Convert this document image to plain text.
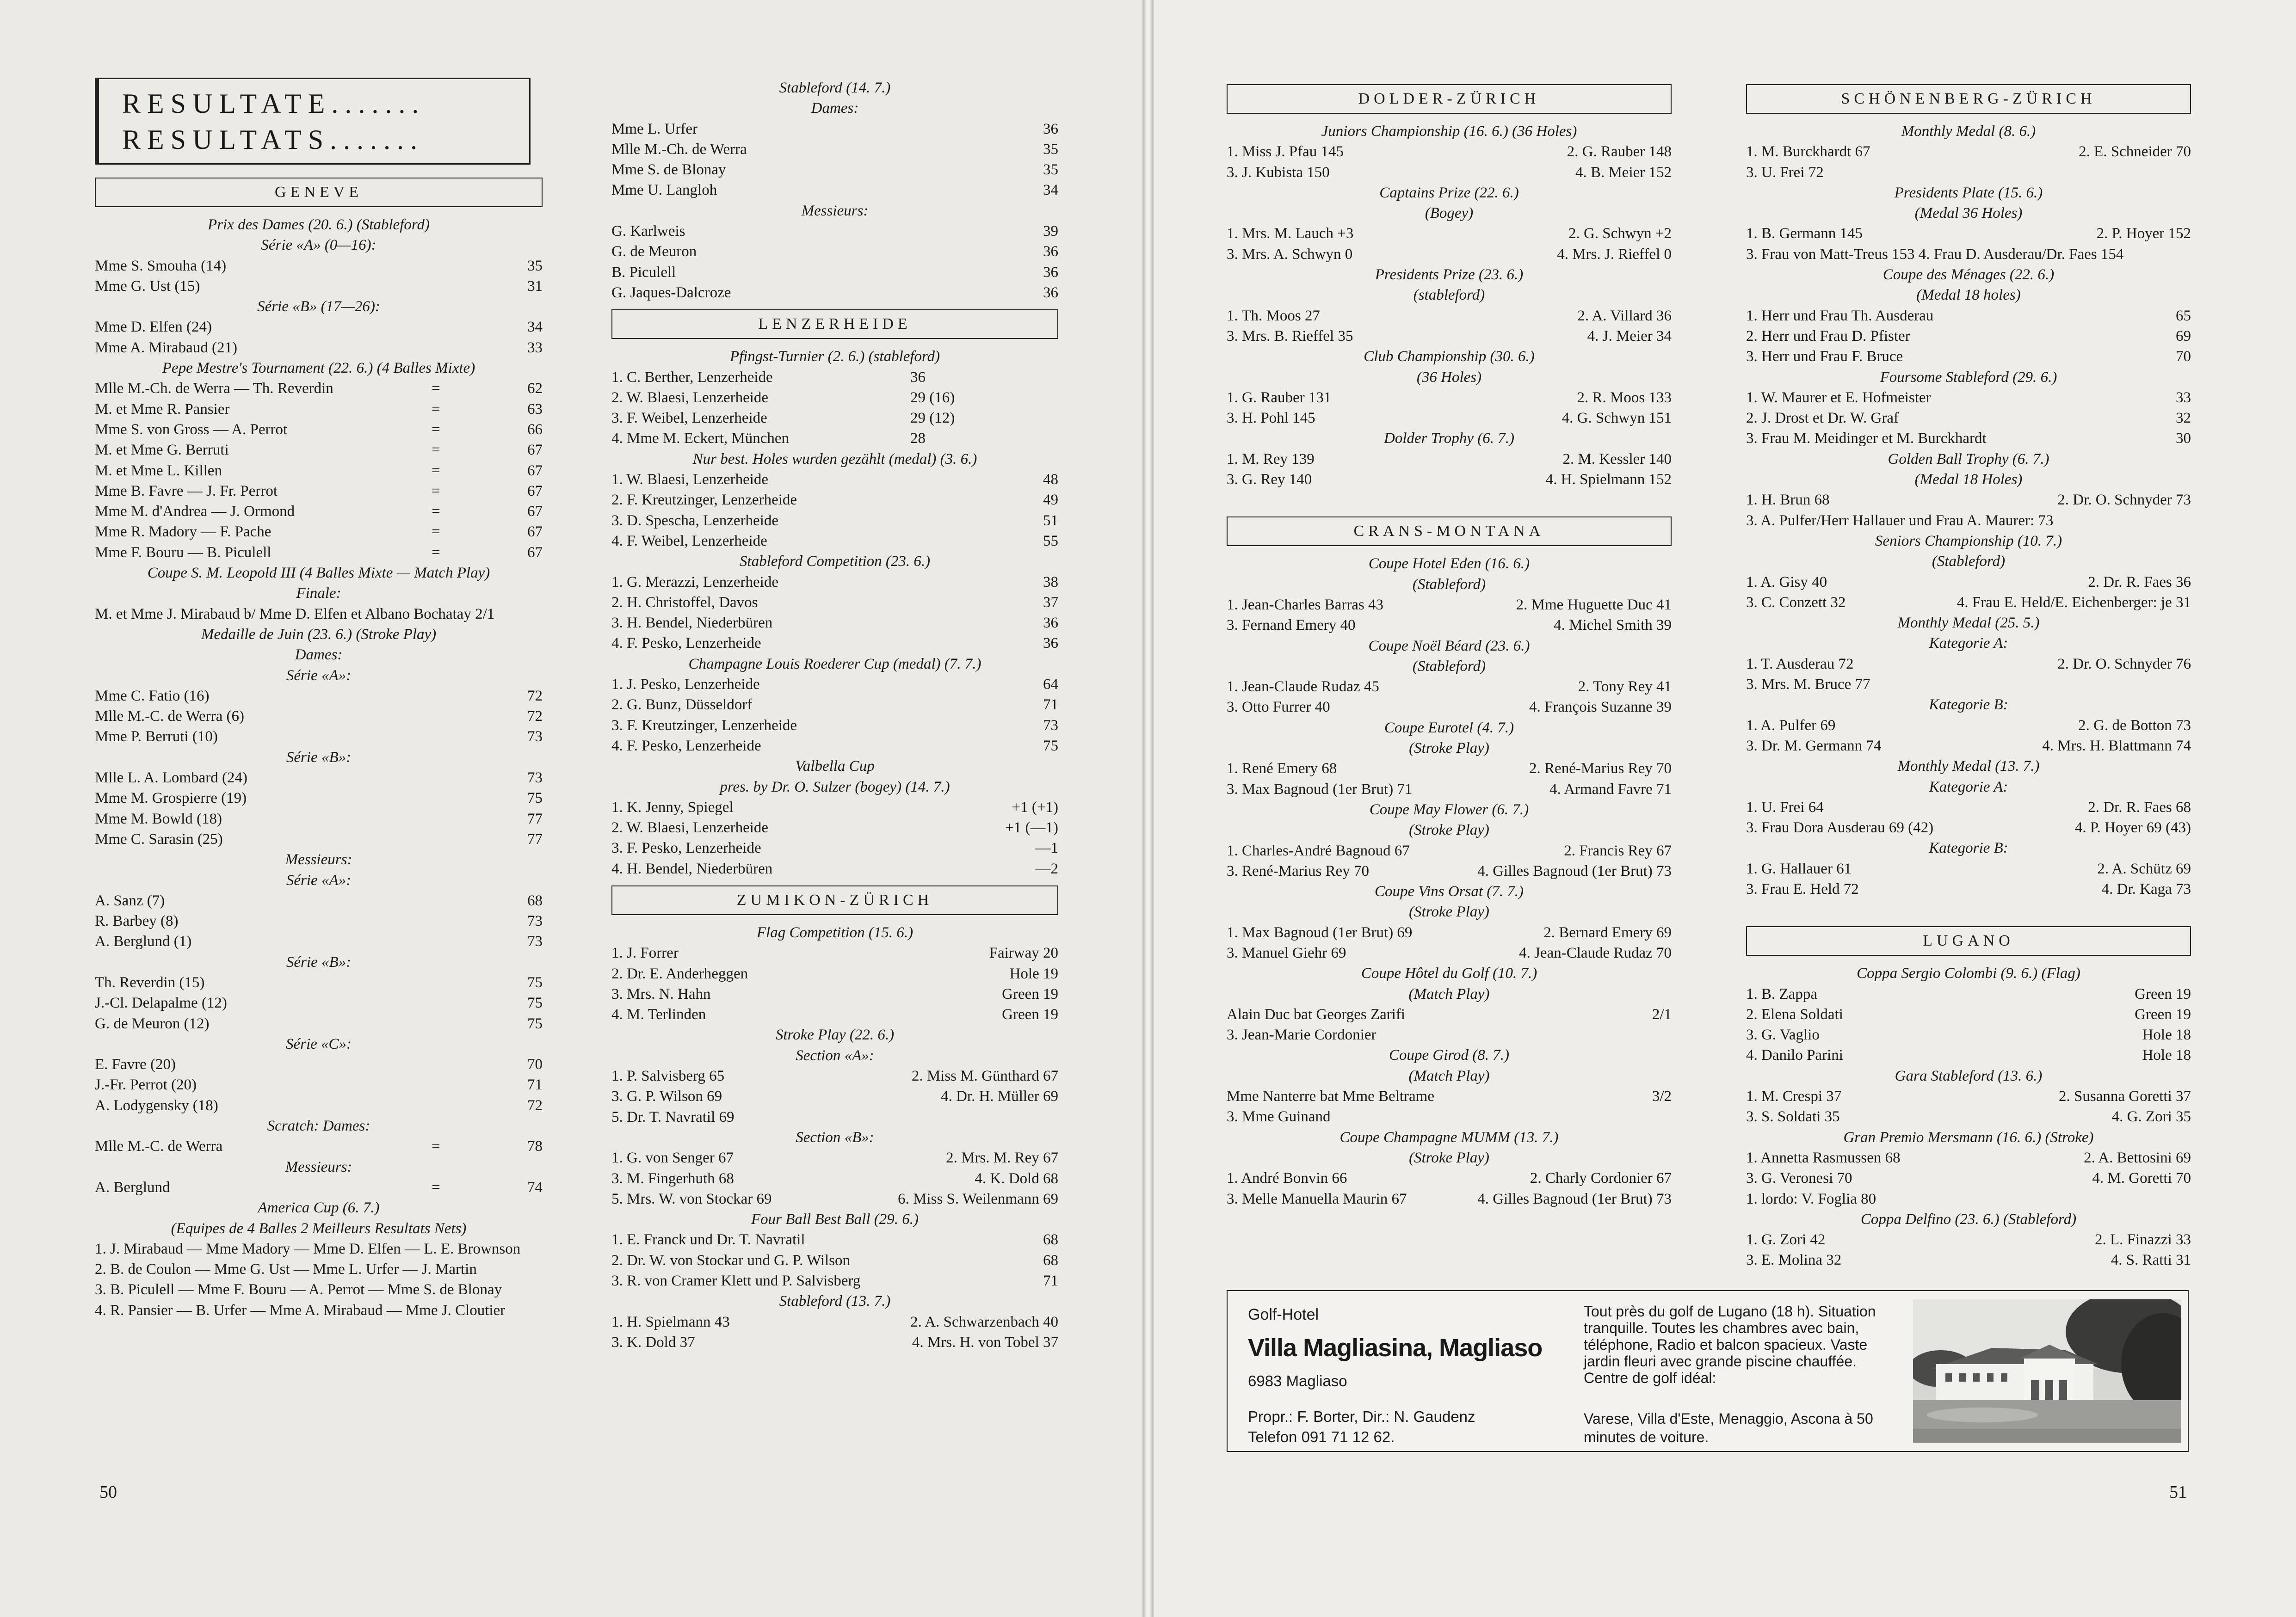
RESULTATE.......
RESULTATS.......
GENEVE
Prix des Dames (20. 6.) (Stableford)
Série «A» (0—16):
Mme S. Smouha (14)	35
Mme G. Ust (15)	31
Série «B» (17—26):
Mme D. Elfen (24)	34
Mme A. Mirabaud (21)	33
Pepe Mestre's Tournament (22. 6.) (4 Balles Mixte)
Mlle M.-Ch. de Werra — Th. Reverdin	=	62
M. et Mme R. Pansier	=	63
Mme S. von Gross — A. Perrot	=	66
M. et Mme G. Berruti	=	67
M. et Mme L. Killen	=	67
Mme B. Favre — J. Fr. Perrot	=	67
Mme M. d'Andrea — J. Ormond	=	67
Mme R. Madory — F. Pache	=	67
Mme F. Bouru — B. Piculell	=	67
Coupe S. M. Leopold III (4 Balles Mixte — Match Play)
Finale:
M. et Mme J. Mirabaud b/ Mme D. Elfen et Albano Bochatay 2/1
Medaille de Juin (23. 6.) (Stroke Play)
Dames:
Série «A»:
Mme C. Fatio (16)	72
Mlle M.-C. de Werra (6)	72
Mme P. Berruti (10)	73
Série «B»:
Mlle L. A. Lombard (24)	73
Mme M. Grospierre (19)	75
Mme M. Bowld (18)	77
Mme C. Sarasin (25)	77
Messieurs:
Série «A»:
A. Sanz (7)	68
R. Barbey (8)	73
A. Berglund (1)	73
Série «B»:
Th. Reverdin (15)	75
J.-Cl. Delapalme (12)	75
G. de Meuron (12)	75
Série «C»:
E. Favre (20)	70
J.-Fr. Perrot (20)	71
A. Lodygensky (18)	72
Scratch: Dames:
Mlle M.-C. de Werra	=	78
Messieurs:
A. Berglund	=	74
America Cup (6. 7.)
(Equipes de 4 Balles 2 Meilleurs Resultats Nets)
1. J. Mirabaud — Mme Madory — Mme D. Elfen — L. E. Brownson
2. B. de Coulon — Mme G. Ust — Mme L. Urfer — J. Martin
3. B. Piculell — Mme F. Bouru — A. Perrot — Mme S. de Blonay
4. R. Pansier — B. Urfer — Mme A. Mirabaud — Mme J. Cloutier
Stableford (14. 7.)
Dames:
Mme L. Urfer	36
Mlle M.-Ch. de Werra	35
Mme S. de Blonay	35
Mme U. Langloh	34
Messieurs:
G. Karlweis	39
G. de Meuron	36
B. Piculell	36
G. Jaques-Dalcroze	36
LENZERHEIDE
Pfingst-Turnier (2. 6.) (stableford)
1. C. Berther, Lenzerheide	36
2. W. Blaesi, Lenzerheide	29 (16)
3. F. Weibel, Lenzerheide	29 (12)
4. Mme M. Eckert, München	28
Nur best. Holes wurden gezählt (medal) (3. 6.)
1. W. Blaesi, Lenzerheide	48
2. F. Kreutzinger, Lenzerheide	49
3. D. Spescha, Lenzerheide	51
4. F. Weibel, Lenzerheide	55
Stableford Competition (23. 6.)
1. G. Merazzi, Lenzerheide	38
2. H. Christoffel, Davos	37
3. H. Bendel, Niederbüren	36
4. F. Pesko, Lenzerheide	36
Champagne Louis Roederer Cup (medal) (7. 7.)
1. J. Pesko, Lenzerheide	64
2. G. Bunz, Düsseldorf	71
3. F. Kreutzinger, Lenzerheide	73
4. F. Pesko, Lenzerheide	75
Valbella Cup
pres. by Dr. O. Sulzer (bogey) (14. 7.)
1. K. Jenny, Spiegel	+1 (+1)
2. W. Blaesi, Lenzerheide	+1 (—1)
3. F. Pesko, Lenzerheide	—1
4. H. Bendel, Niederbüren	—2
ZUMIKON-ZÜRICH
Flag Competition (15. 6.)
1. J. Forrer	Fairway 20
2. Dr. E. Anderheggen	Hole 19
3. Mrs. N. Hahn	Green 19
4. M. Terlinden	Green 19
Stroke Play (22. 6.)
Section «A»:
1. P. Salvisberg 65	2. Miss M. Günthard 67
3. G. P. Wilson 69	4. Dr. H. Müller 69
5. Dr. T. Navratil 69
Section «B»:
1. G. von Senger 67	2. Mrs. M. Rey 67
3. M. Fingerhuth 68	4. K. Dold 68
5. Mrs. W. von Stockar 69	6. Miss S. Weilenmann 69
Four Ball Best Ball (29. 6.)
1. E. Franck und Dr. T. Navratil	68
2. Dr. W. von Stockar und G. P. Wilson	68
3. R. von Cramer Klett und P. Salvisberg	71
Stableford (13. 7.)
1. H. Spielmann 43	2. A. Schwarzenbach 40
3. K. Dold 37	4. Mrs. H. von Tobel 37
50
DOLDER-ZÜRICH
Juniors Championship (16. 6.) (36 Holes)
1. Miss J. Pfau 145	2. G. Rauber 148
3. J. Kubista 150	4. B. Meier 152
Captains Prize (22. 6.)
(Bogey)
1. Mrs. M. Lauch +3	2. G. Schwyn +2
3. Mrs. A. Schwyn 0	4. Mrs. J. Rieffel 0
Presidents Prize (23. 6.)
(stableford)
1. Th. Moos 27	2. A. Villard 36
3. Mrs. B. Rieffel 35	4. J. Meier 34
Club Championship (30. 6.)
(36 Holes)
1. G. Rauber 131	2. R. Moos 133
3. H. Pohl 145	4. G. Schwyn 151
Dolder Trophy (6. 7.)
1. M. Rey 139	2. M. Kessler 140
3. G. Rey 140	4. H. Spielmann 152
CRANS-MONTANA
Coupe Hotel Eden (16. 6.)
(Stableford)
1. Jean-Charles Barras 43	2. Mme Huguette Duc 41
3. Fernand Emery 40	4. Michel Smith 39
Coupe Noël Béard (23. 6.)
(Stableford)
1. Jean-Claude Rudaz 45	2. Tony Rey 41
3. Otto Furrer 40	4. François Suzanne 39
Coupe Eurotel (4. 7.)
(Stroke Play)
1. René Emery 68	2. René-Marius Rey 70
3. Max Bagnoud (1er Brut) 71	4. Armand Favre 71
Coupe May Flower (6. 7.)
(Stroke Play)
1. Charles-André Bagnoud 67	2. Francis Rey 67
3. René-Marius Rey 70	4. Gilles Bagnoud (1er Brut) 73
Coupe Vins Orsat (7. 7.)
(Stroke Play)
1. Max Bagnoud (1er Brut) 69	2. Bernard Emery 69
3. Manuel Giehr 69	4. Jean-Claude Rudaz 70
Coupe Hôtel du Golf (10. 7.)
(Match Play)
Alain Duc bat Georges Zarifi	2/1
3. Jean-Marie Cordonier
Coupe Girod (8. 7.)
(Match Play)
Mme Nanterre bat Mme Beltrame	3/2
3. Mme Guinand
Coupe Champagne MUMM (13. 7.)
(Stroke Play)
1. André Bonvin 66	2. Charly Cordonier 67
3. Melle Manuella Maurin 67	4. Gilles Bagnoud (1er Brut) 73
SCHÖNENBERG-ZÜRICH
Monthly Medal (8. 6.)
1. M. Burckhardt 67	2. E. Schneider 70
3. U. Frei 72
Presidents Plate (15. 6.)
(Medal 36 Holes)
1. B. Germann 145	2. P. Hoyer 152
3. Frau von Matt-Treus 153 4. Frau D. Ausderau/Dr. Faes 154
Coupe des Ménages (22. 6.)
(Medal 18 holes)
1. Herr und Frau Th. Ausderau	65
2. Herr und Frau D. Pfister	69
3. Herr und Frau F. Bruce	70
Foursome Stableford (29. 6.)
1. W. Maurer et E. Hofmeister	33
2. J. Drost et Dr. W. Graf	32
3. Frau M. Meidinger et M. Burckhardt	30
Golden Ball Trophy (6. 7.)
(Medal 18 Holes)
1. H. Brun 68	2. Dr. O. Schnyder 73
3. A. Pulfer/Herr Hallauer und Frau A. Maurer: 73
Seniors Championship (10. 7.)
(Stableford)
1. A. Gisy 40	2. Dr. R. Faes 36
3. C. Conzett 32	4. Frau E. Held/E. Eichenberger: je 31
Monthly Medal (25. 5.)
Kategorie A:
1. T. Ausderau 72	2. Dr. O. Schnyder 76
3. Mrs. M. Bruce 77
Kategorie B:
1. A. Pulfer 69	2. G. de Botton 73
3. Dr. M. Germann 74	4. Mrs. H. Blattmann 74
Monthly Medal (13. 7.)
Kategorie A:
1. U. Frei 64	2. Dr. R. Faes 68
3. Frau Dora Ausderau 69 (42)	4. P. Hoyer 69 (43)
Kategorie B:
1. G. Hallauer 61	2. A. Schütz 69
3. Frau E. Held 72	4. Dr. Kaga 73
LUGANO
Coppa Sergio Colombi (9. 6.) (Flag)
1. B. Zappa	Green 19
2. Elena Soldati	Green 19
3. G. Vaglio	Hole 18
4. Danilo Parini	Hole 18
Gara Stableford (13. 6.)
1. M. Crespi 37	2. Susanna Goretti 37
3. S. Soldati 35	4. G. Zori 35
Gran Premio Mersmann (16. 6.) (Stroke)
1. Annetta Rasmussen 68	2. A. Bettosini 69
3. G. Veronesi 70	4. M. Goretti 70
1. lordo: V. Foglia 80
Coppa Delfino (23. 6.) (Stableford)
1. G. Zori 42	2. L. Finazzi 33
3. E. Molina 32	4. S. Ratti 31
Golf-Hotel
Villa Magliasina, Magliaso
6983 Magliaso
Propr.: F. Borter, Dir.: N. Gaudenz
Telefon 091 71 12 62.
Tout près du golf de Lugano (18 h). Situation tranquille. Toutes les chambres avec bain, téléphone, Radio et balcon spacieux. Vaste jardin fleuri avec grande piscine chauffée. Centre de golf idéal:
Varese, Villa d'Este, Menaggio, Ascona à 50 minutes de voiture.
51
